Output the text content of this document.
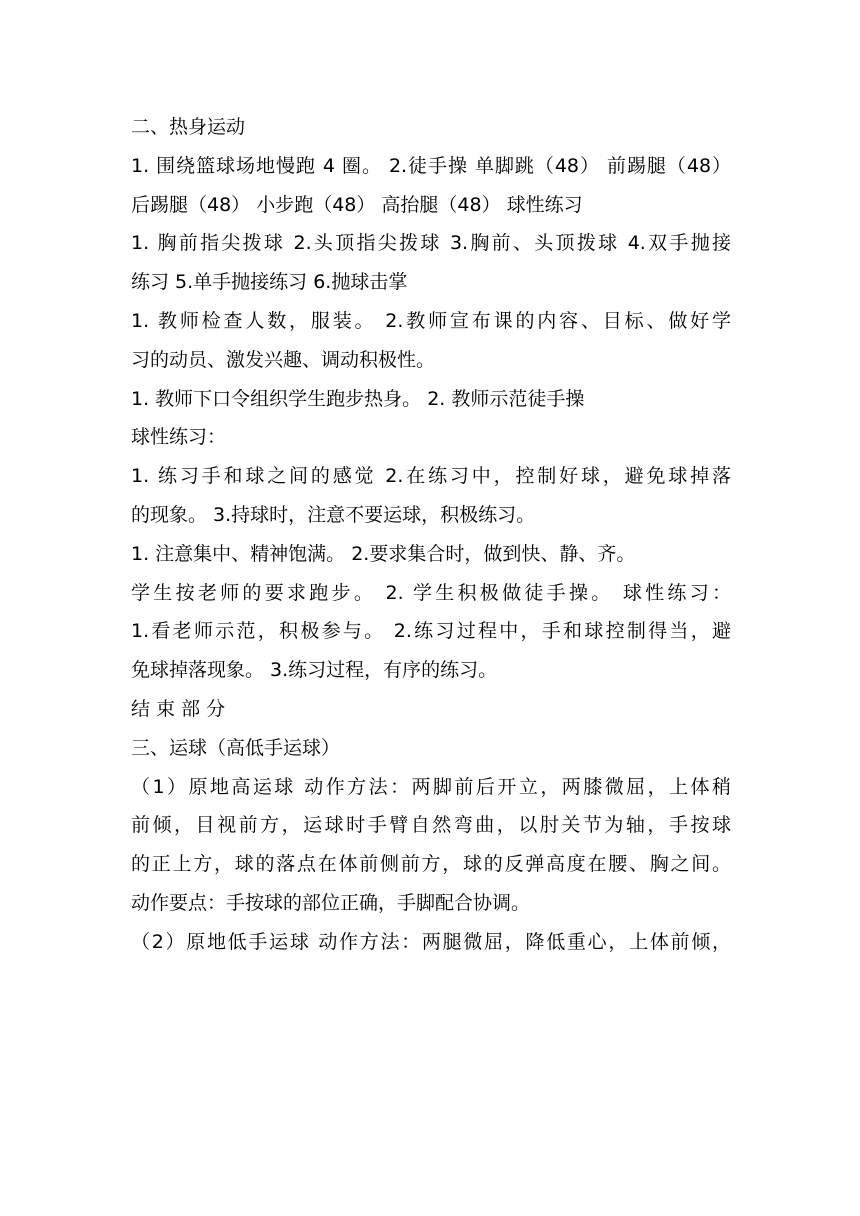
二、热身运动
1. 围绕篮球场地慢跑 4 圈。 2.徒手操 单脚跳（48） 前踢腿（48）
后踢腿（48） 小步跑（48） 高抬腿（48） 球性练习
1. 胸前指尖拨球 2.头顶指尖拨球 3.胸前、头顶拨球 4.双手抛接
练习 5.单手抛接练习 6.抛球击掌
1. 教师检查人数，服装。 2.教师宣布课的内容、目标、做好学
习的动员、激发兴趣、调动积极性。
1. 教师下口令组织学生跑步热身。 2. 教师示范徒手操
球性练习：
1. 练习手和球之间的感觉 2.在练习中，控制好球，避免球掉落
的现象。 3.持球时，注意不要运球，积极练习。
1. 注意集中、精神饱满。 2.要求集合时，做到快、静、齐。
学生按老师的要求跑步。 2. 学生积极做徒手操。 球性练习：
1.看老师示范，积极参与。 2.练习过程中，手和球控制得当，避
免球掉落现象。 3.练习过程，有序的练习。
结 束 部 分
三、运球（高低手运球）
（1）原地高运球 动作方法：两脚前后开立，两膝微屈，上体稍
前倾，目视前方，运球时手臂自然弯曲，以肘关节为轴，手按球
的正上方，球的落点在体前侧前方，球的反弹高度在腰、胸之间。
动作要点：手按球的部位正确，手脚配合协调。
（2）原地低手运球 动作方法：两腿微屈，降低重心，上体前倾，
